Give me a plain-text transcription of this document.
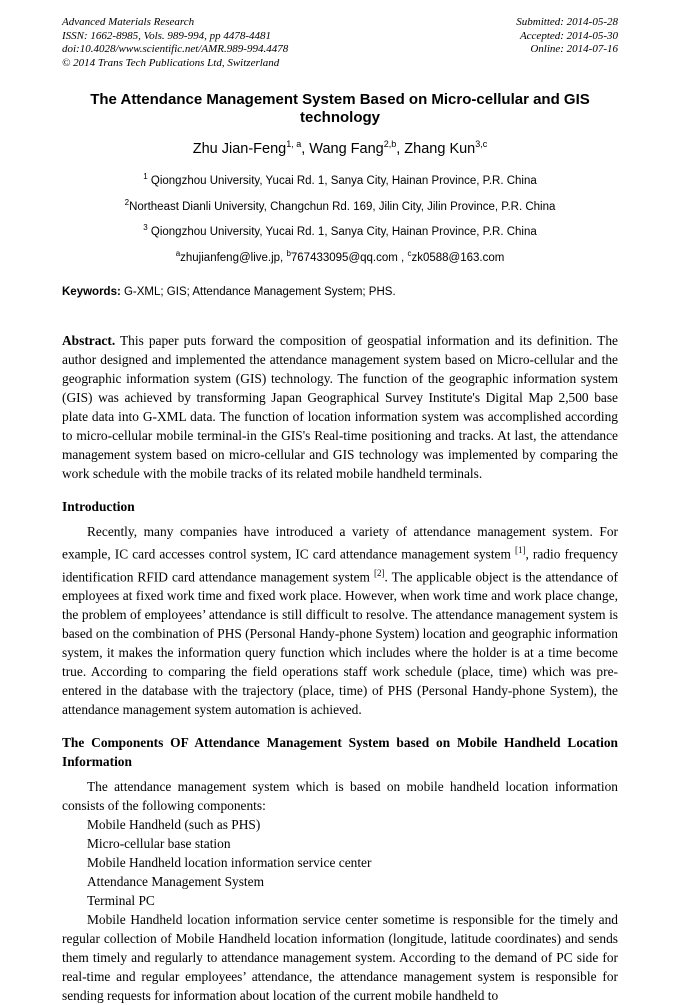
Advanced Materials Research
ISSN: 1662-8985, Vols. 989-994, pp 4478-4481
doi:10.4028/www.scientific.net/AMR.989-994.4478
© 2014 Trans Tech Publications Ltd, Switzerland
Submitted: 2014-05-28
Accepted: 2014-05-30
Online: 2014-07-16
The Attendance Management System Based on Micro-cellular and GIS technology
Zhu Jian-Feng$^{1, a}$, Wang Fang$^{2,b}$, Zhang Kun$^{3,c}$
$^1$ Qiongzhou University, Yucai Rd. 1, Sanya City, Hainan Province, P.R. China
$^2$Northeast Dianli University, Changchun Rd. 169, Jilin City, Jilin Province, P.R. China
$^3$ Qiongzhou University, Yucai Rd. 1, Sanya City, Hainan Province, P.R. China
$^a$zhujianfeng@live.jp, $^b$767433095@qq.com , $^c$zk0588@163.com
Keywords: G-XML; GIS; Attendance Management System; PHS.

Abstract. This paper puts forward the composition of geospatial information and its definition. The author designed and implemented the attendance management system based on Micro-cellular and the geographic information system (GIS) technology. The function of the geographic information system (GIS) was achieved by transforming Japan Geographical Survey Institute's Digital Map 2,500 base plate data into G-XML data. The function of location information system was accomplished according to micro-cellular mobile terminal-in the GIS's Real-time positioning and tracks. At last, the attendance management system based on micro-cellular and GIS technology was implemented by comparing the work schedule with the mobile tracks of its related mobile handheld terminals.

Introduction

Recently, many companies have introduced a variety of attendance management system. For example, IC card accesses control system, IC card attendance management system [1], radio frequency identification RFID card attendance management system [2]. The applicable object is the attendance of employees at fixed work time and fixed work place. However, when work time and work place change, the problem of employees’ attendance is still difficult to resolve. The attendance management system is based on the combination of PHS (Personal Handy-phone System) location and geographic information system, it makes the information query function which includes where the holder is at a time become true. According to comparing the field operations staff work schedule (place, time) which was pre-entered in the database with the trajectory (place, time) of PHS (Personal Handy-phone System), the attendance management system automation is achieved.

The Components OF Attendance Management System based on Mobile Handheld Location Information

The attendance management system which is based on mobile handheld location information consists of the following components:

Mobile Handheld (such as PHS)
Micro-cellular base station
Mobile Handheld location information service center
Attendance Management System
Terminal PC

Mobile Handheld location information service center sometime is responsible for the timely and regular collection of Mobile Handheld location information (longitude, latitude coordinates) and sends them timely and regularly to attendance management system. According to the demand of PC side for real-time and regular employees’ attendance, the attendance management system is responsible for sending requests for information about location of the current mobile handheld to
